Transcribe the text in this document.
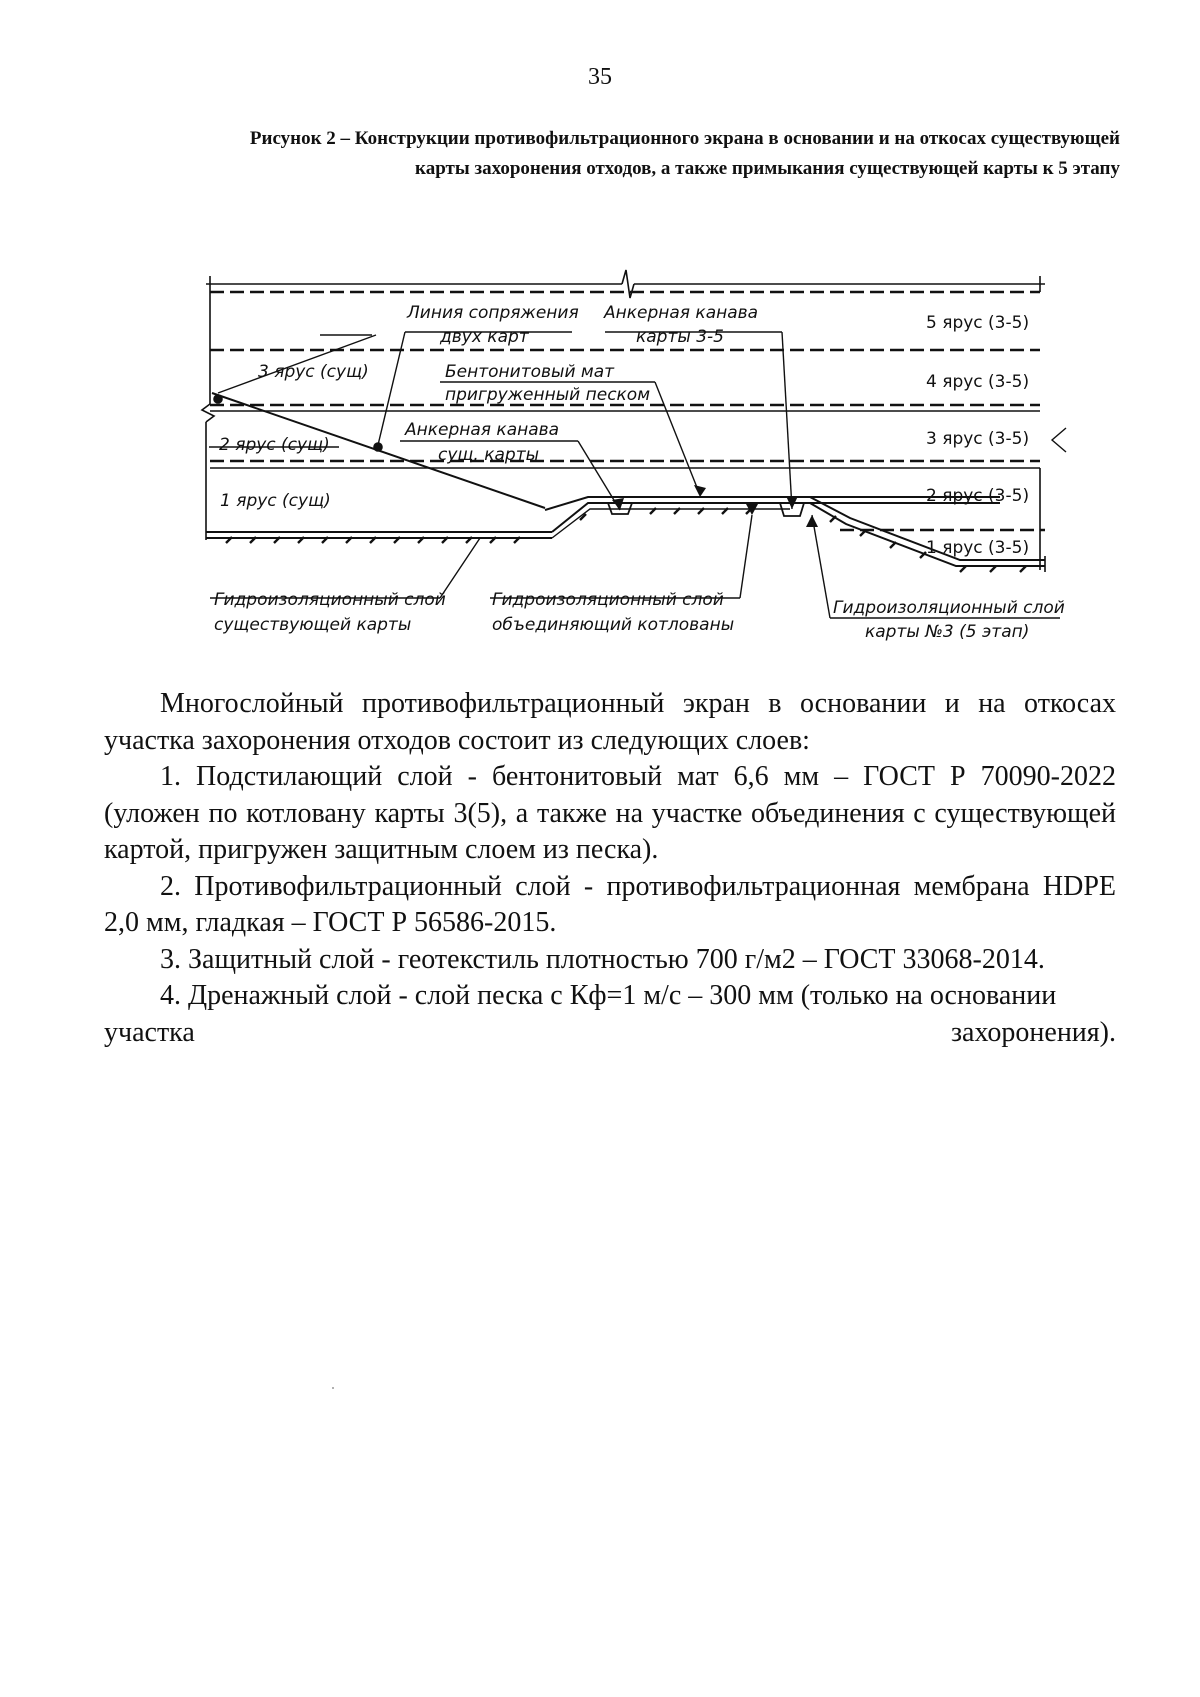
35
Рисунок 2 – Конструкции противофильтрационного экрана в основании и на откосах существующей
карты захоронения отходов, а также примыкания существующей карты к 5 этапу
Линия сопряжения
двух карт
Анкерная канава
карты 3-5
3 ярус (сущ)	Бентонитовый мат
пригруженный песком
2 ярус (сущ)
Анкерная канава
сущ. карты
1 ярус (сущ)
5 ярус (3-5)
4 ярус (3-5)
3 ярус (3-5)
2 ярус (3-5)
1 ярус (3-5)
Гидроизоляционный слой
существующей карты
Гидроизоляционный слой
объединяющий котлованы
Гидроизоляционный слой
карты №3 (5 этап)

Многослойный противофильтрационный экран в основании и на откосах участка захоронения отходов состоит из следующих слоев:

1. Подстилающий слой - бентонитовый мат 6,6 мм – ГОСТ Р 70090-2022 (уложен по котловану карты 3(5), а также на участке объединения с существующей картой, пригружен защитным слоем из песка).

2. Противофильтрационный слой - противофильтрационная мембрана HDPE 2,0 мм, гладкая – ГОСТ Р 56586-2015.

3. Защитный слой - геотекстиль плотностью 700 г/м2 – ГОСТ 33068-2014.

4. Дренажный слой - слой песка с Кф=1 м/с – 300 мм (только на основании

участка	захоронения).
